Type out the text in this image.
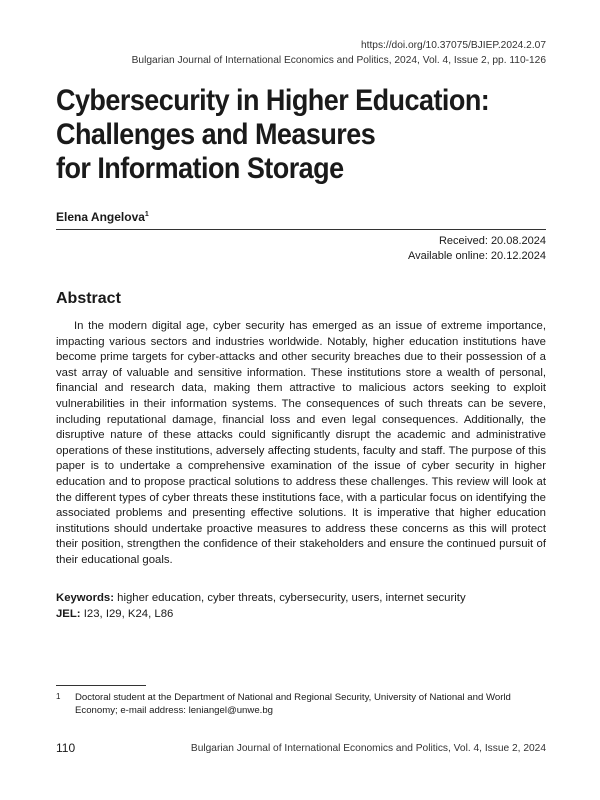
https://doi.org/10.37075/BJIEP.2024.2.07
Bulgarian Journal of International Economics and Politics, 2024, Vol. 4, Issue 2, pp. 110-126
Cybersecurity in Higher Education:
Challenges and Measures
for Information Storage
Elena Angelova$^1$
Received: 20.08.2024
Available online: 20.12.2024
Abstract

In the modern digital age, cyber security has emerged as an issue of extreme importance, impacting various sectors and industries worldwide. Notably, higher education institutions have become prime targets for cyber-attacks and other security breaches due to their possession of a vast array of valuable and sensitive information. These institutions store a wealth of personal, financial and research data, making them attractive to malicious actors seeking to exploit vulnerabilities in their information systems. The consequences of such threats can be severe, including reputational damage, financial loss and even legal consequences. Additionally, the disruptive nature of these attacks could significantly disrupt the academic and administrative operations of these institutions, adversely affecting students, faculty and staff. The purpose of this paper is to undertake a comprehensive examination of the issue of cyber security in higher education and to propose practical solutions to address these challenges. This review will look at the different types of cyber threats these institutions face, with a particular focus on identifying the associated problems and presenting effective solutions. It is imperative that higher education institutions should undertake proactive measures to address these concerns as this will protect their position, strengthen the confidence of their stakeholders and ensure the continued pursuit of their educational goals.

Keywords: higher education, cyber threats, cybersecurity, users, internet security
JEL: I23, I29, K24, L86
1 Doctoral student at the Department of National and Regional Security, University of National and World Economy; e-mail address: leniangel@unwe.bg
110	Bulgarian Journal of International Economics and Politics, Vol. 4, Issue 2, 2024
